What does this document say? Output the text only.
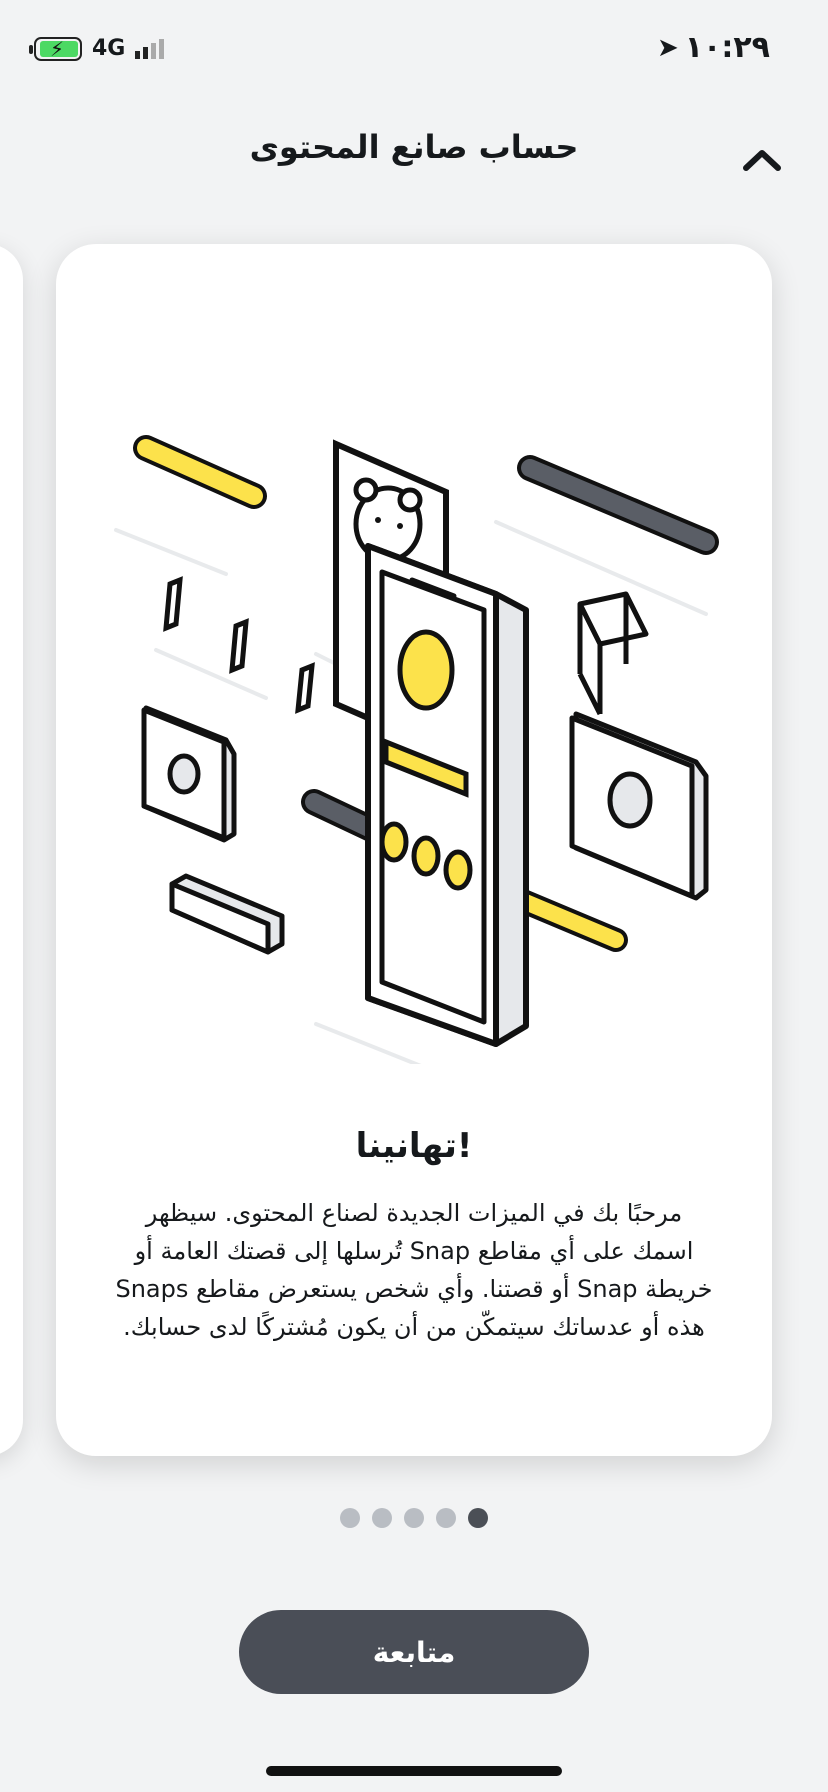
⚡ 4G	➤ ١٠:٢٩
حساب صانع المحتوى
تهانينا!
مرحبًا بك في الميزات الجديدة لصناع المحتوى. سيظهر اسمك على أي مقاطع Snap تُرسلها إلى قصتك العامة أو خريطة Snap أو قصتنا. وأي شخص يستعرض مقاطع Snaps هذه أو عدساتك سيتمكّن من أن يكون مُشتركًا لدى حسابك.
متابعة
